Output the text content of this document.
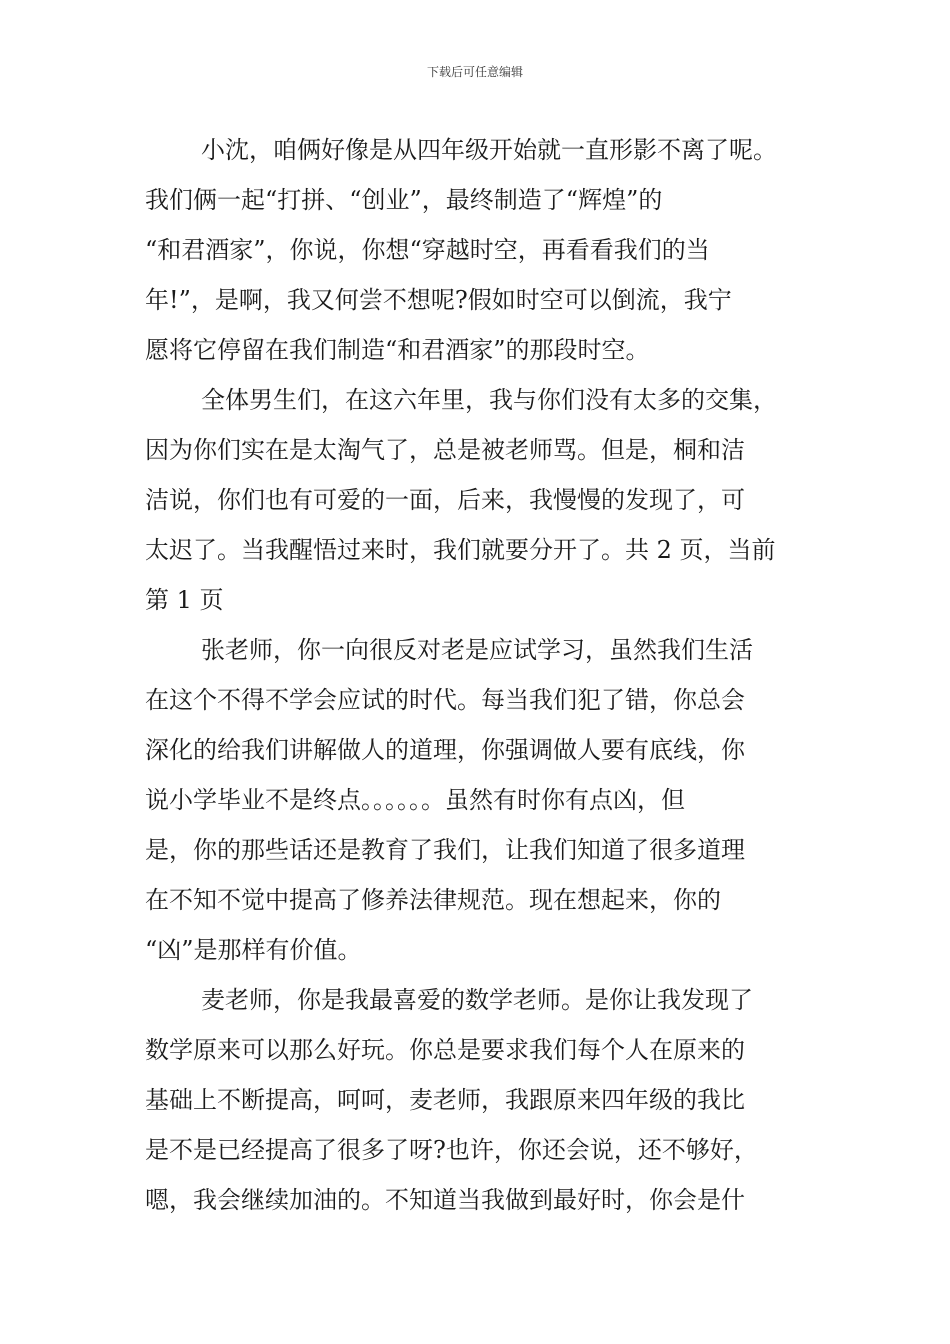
下载后可任意编辑
小沈，咱俩好像是从四年级开始就一直形影不离了呢。
我们俩一起“打拼、“创业”，最终制造了“辉煌”的
“和君酒家”，你说，你想“穿越时空，再看看我们的当
年!”，是啊，我又何尝不想呢?假如时空可以倒流，我宁
愿将它停留在我们制造“和君酒家”的那段时空。
全体男生们，在这六年里，我与你们没有太多的交集，
因为你们实在是太淘气了，总是被老师骂。但是，桐和洁
洁说，你们也有可爱的一面，后来，我慢慢的发现了，可
太迟了。当我醒悟过来时，我们就要分开了。共 2 页，当前
第 1 页
张老师，你一向很反对老是应试学习，虽然我们生活
在这个不得不学会应试的时代。每当我们犯了错，你总会
深化的给我们讲解做人的道理，你强调做人要有底线，你
说小学毕业不是终点。。。。。。虽然有时你有点凶，但
是，你的那些话还是教育了我们，让我们知道了很多道理
在不知不觉中提高了修养法律规范。现在想起来，你的
“凶”是那样有价值。
麦老师，你是我最喜爱的数学老师。是你让我发现了
数学原来可以那么好玩。你总是要求我们每个人在原来的
基础上不断提高，呵呵，麦老师，我跟原来四年级的我比
是不是已经提高了很多了呀?也许，你还会说，还不够好，
嗯，我会继续加油的。不知道当我做到最好时，你会是什
